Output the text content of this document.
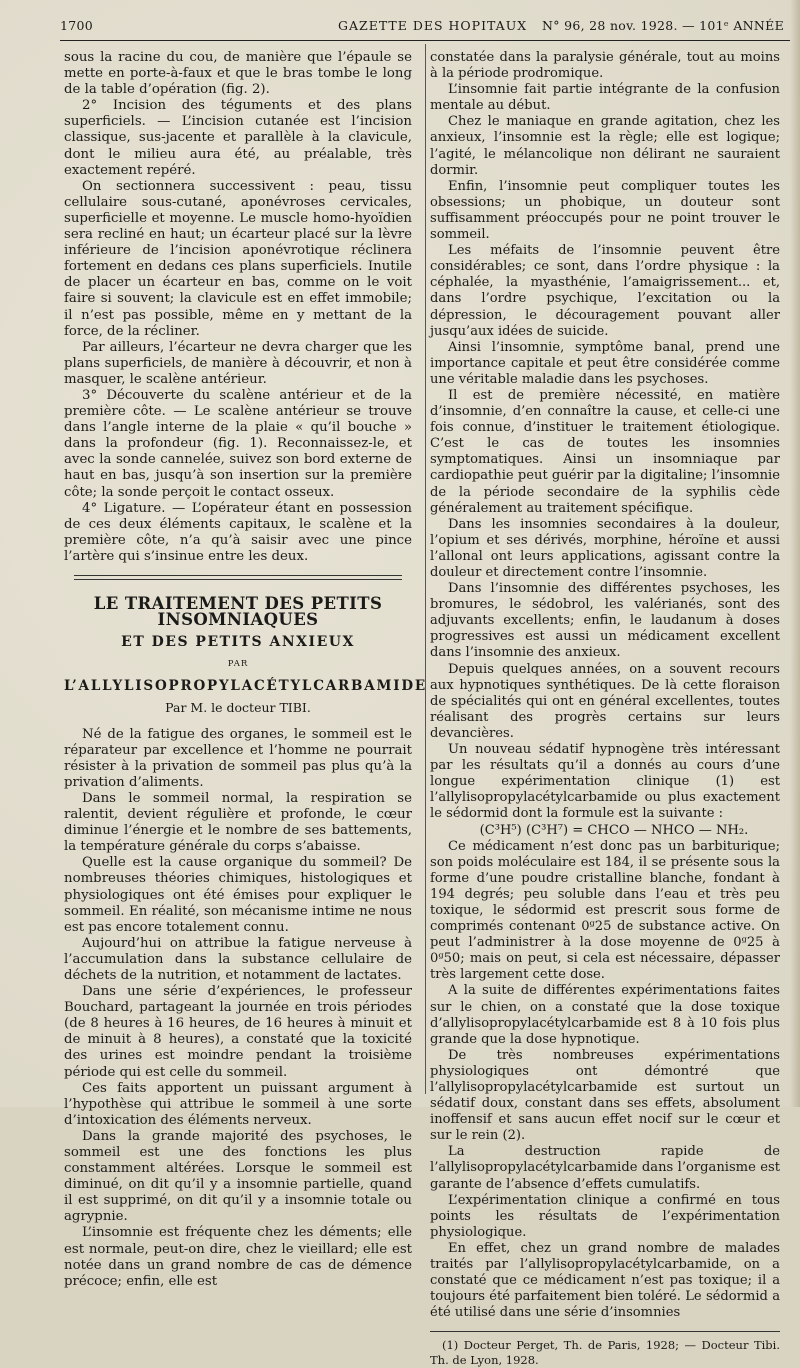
1700	GAZETTE DES HOPITAUX N° 96, 28 nov. 1928. — 101ᵉ ANNÉE

sous la racine du cou, de manière que l’épaule se mette en porte-à-faux et que le bras tombe le long de la table d’opération (fig. 2).

2° Incision des téguments et des plans superficiels. — L’incision cutanée est l’incision classique, sus-jacente et parallèle à la clavicule, dont le milieu aura été, au préalable, très exactement repéré.

On sectionnera successivent : peau, tissu cellulaire sous-cutané, aponévroses cervicales, superficielle et moyenne. Le muscle homo-hyoïdien sera recliné en haut; un écarteur placé sur la lèvre inférieure de l’incision aponévrotique réclinera fortement en dedans ces plans superficiels. Inutile de placer un écarteur en bas, comme on le voit faire si souvent; la clavicule est en effet immobile; il n’est pas possible, même en y mettant de la force, de la récliner.

Par ailleurs, l’écarteur ne devra charger que les plans superficiels, de manière à découvrir, et non à masquer, le scalène antérieur.

3° Découverte du scalène antérieur et de la première côte. — Le scalène antérieur se trouve dans l’angle interne de la plaie « qu’il bouche » dans la profondeur (fig. 1). Reconnaissez-le, et avec la sonde cannelée, suivez son bord externe de haut en bas, jusqu’à son insertion sur la première côte; la sonde perçoit le contact osseux.

4° Ligature. — L’opérateur étant en possession de ces deux éléments capitaux, le scalène et la première côte, n’a qu’à saisir avec une pince l’artère qui s’insinue entre les deux.

LE TRAITEMENT DES PETITS INSOMNIAQUES
ET DES PETITS ANXIEUX
PAR
L’ALLYLISOPROPYLACÉTYLCARBAMIDE
Par M. le docteur TIBI.

Né de la fatigue des organes, le sommeil est le réparateur par excellence et l’homme ne pourrait résister à la privation de sommeil pas plus qu’à la privation d’aliments.

Dans le sommeil normal, la respiration se ralentit, devient régulière et profonde, le cœur diminue l’énergie et le nombre de ses battements, la température générale du corps s’abaisse.

Quelle est la cause organique du sommeil? De nombreuses théories chimiques, histologiques et physiologiques ont été émises pour expliquer le sommeil. En réalité, son mécanisme intime ne nous est pas encore totalement connu.

Aujourd’hui on attribue la fatigue nerveuse à l’accumulation dans la substance cellulaire de déchets de la nutrition, et notamment de lactates.

Dans une série d’expériences, le professeur Bouchard, partageant la journée en trois périodes (de 8 heures à 16 heures, de 16 heures à minuit et de minuit à 8 heures), a constaté que la toxicité des urines est moindre pendant la troisième période qui est celle du sommeil.

Ces faits apportent un puissant argument à l’hypothèse qui attribue le sommeil à une sorte d’intoxication des éléments nerveux.

Dans la grande majorité des psychoses, le sommeil est une des fonctions les plus constamment altérées. Lorsque le sommeil est diminué, on dit qu’il y a insomnie partielle, quand il est supprimé, on dit qu’il y a insomnie totale ou agrypnie.

L’insomnie est fréquente chez les déments; elle est normale, peut-on dire, chez le vieillard; elle est notée dans un grand nombre de cas de démence précoce; enfin, elle est

constatée dans la paralysie générale, tout au moins à la période prodromique.

L’insomnie fait partie intégrante de la confusion mentale au début.

Chez le maniaque en grande agitation, chez les anxieux, l’insomnie est la règle; elle est logique; l’agité, le mélancolique non délirant ne sauraient dormir.

Enfin, l’insomnie peut compliquer toutes les obsessions; un phobique, un douteur sont suffisamment préoccupés pour ne point trouver le sommeil.

Les méfaits de l’insomnie peuvent être considérables; ce sont, dans l’ordre physique : la céphalée, la myasthénie, l’amaigrissement... et, dans l’ordre psychique, l’excitation ou la dépression, le découragement pouvant aller jusqu’aux idées de suicide.

Ainsi l’insomnie, symptôme banal, prend une importance capitale et peut être considérée comme une véritable maladie dans les psychoses.

Il est de première nécessité, en matière d’insomnie, d’en connaître la cause, et celle-ci une fois connue, d’instituer le traitement étiologique. C’est le cas de toutes les insomnies symptomatiques. Ainsi un insomniaque par cardiopathie peut guérir par la digitaline; l’insomnie de la période secondaire de la syphilis cède généralement au traitement spécifique.

Dans les insomnies secondaires à la douleur, l’opium et ses dérivés, morphine, héroïne et aussi l’allonal ont leurs applications, agissant contre la douleur et directement contre l’insomnie.

Dans l’insomnie des différentes psychoses, les bromures, le sédobrol, les valérianés, sont des adjuvants excellents; enfin, le laudanum à doses progressives est aussi un médicament excellent dans l’insomnie des anxieux.

Depuis quelques années, on a souvent recours aux hypnotiques synthétiques. De là cette floraison de spécialités qui ont en général excellentes, toutes réalisant des progrès certains sur leurs devancières.

Un nouveau sédatif hypnogène très intéressant par les résultats qu’il a donnés au cours d’une longue expérimentation clinique (1) est l’allylisopropylacétylcarbamide ou plus exactement le sédormid dont la formule est la suivante :

(C³H⁵) (C³H⁷) = CHCO — NHCO — NH₂.

Ce médicament n’est donc pas un barbiturique; son poids moléculaire est 184, il se présente sous la forme d’une poudre cristalline blanche, fondant à 194 degrés; peu soluble dans l’eau et très peu toxique, le sédormid est prescrit sous forme de comprimés contenant 0ᵍ25 de substance active. On peut l’administrer à la dose moyenne de 0ᵍ25 à 0ᵍ50; mais on peut, si cela est nécessaire, dépasser très largement cette dose.

A la suite de différentes expérimentations faites sur le chien, on a constaté que la dose toxique d’allylisopropylacétylcarbamide est 8 à 10 fois plus grande que la dose hypnotique.

De très nombreuses expérimentations physiologiques ont démontré que l’allylisopropylacétylcarbamide est surtout un sédatif doux, constant dans ses effets, absolument inoffensif et sans aucun effet nocif sur le cœur et sur le rein (2).

La destruction rapide de l’allylisopropylacétylcarbamide dans l’organisme est garante de l’absence d’effets cumulatifs.

L’expérimentation clinique a confirmé en tous points les résultats de l’expérimentation physiologique.

En effet, chez un grand nombre de malades traités par l’allylisopropylacétylcarbamide, on a constaté que ce médicament n’est pas toxique; il a toujours été parfaitement bien toléré. Le sédormid a été utilisé dans une série d’insomnies

(1) Docteur Perget, Th. de Paris, 1928; — Docteur Tibi. Th. de Lyon, 1928.
